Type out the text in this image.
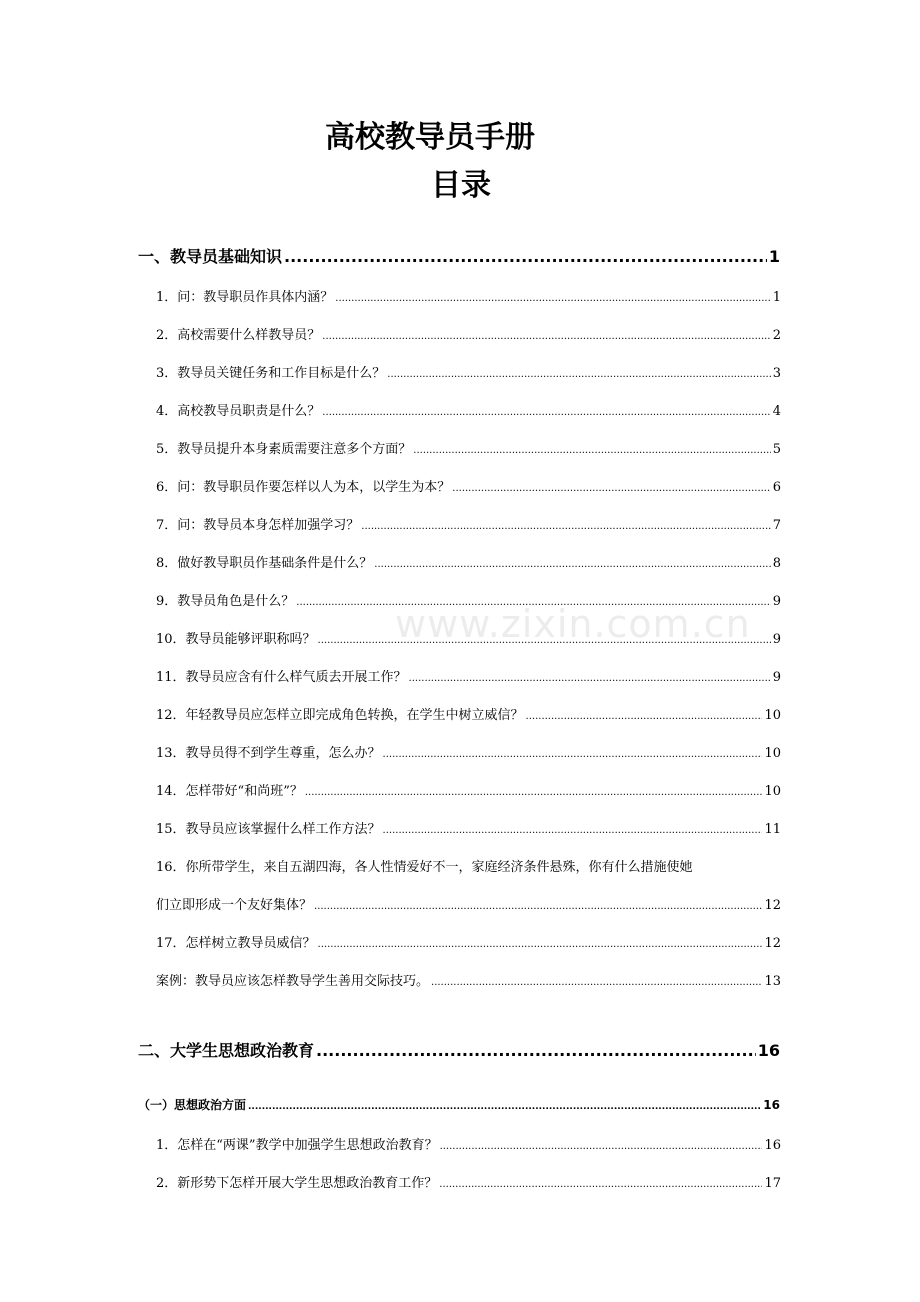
高校教导员手册
目录
www.zixin.com.cn
一、教导员基础知识 .....	1
1．问：教导职员作具体内涵？ .....	1
2．高校需要什么样教导员？ .....	2
3．教导员关键任务和工作目标是什么？ .....	3
4．高校教导员职责是什么？ .....	4
5．教导员提升本身素质需要注意多个方面？ .....	5
6．问：教导职员作要怎样以人为本，以学生为本？ .....	6
7．问：教导员本身怎样加强学习？ .....	7
8．做好教导职员作基础条件是什么？ .....	8
9．教导员角色是什么？ .....	9
10．教导员能够评职称吗？ .....	9
11．教导员应含有什么样气质去开展工作？ .....	9
12．年轻教导员应怎样立即完成角色转换，在学生中树立威信？ .....	10
13．教导员得不到学生尊重，怎么办？ .....	10
14．怎样带好“和尚班”？ .....	10
15．教导员应该掌握什么样工作方法？ .....	11
16．你所带学生，来自五湖四海，各人性情爱好不一，家庭经济条件悬殊，你有什么措施使她
们立即形成一个友好集体？ .....	12
17．怎样树立教导员威信？ .....	12
案例：教导员应该怎样教导学生善用交际技巧。 .....	13
二、大学生思想政治教育 .....	16
（一）思想政治方面 .....	16
1．怎样在“两课”教学中加强学生思想政治教育？ .....	16
2．新形势下怎样开展大学生思想政治教育工作？ .....	17
